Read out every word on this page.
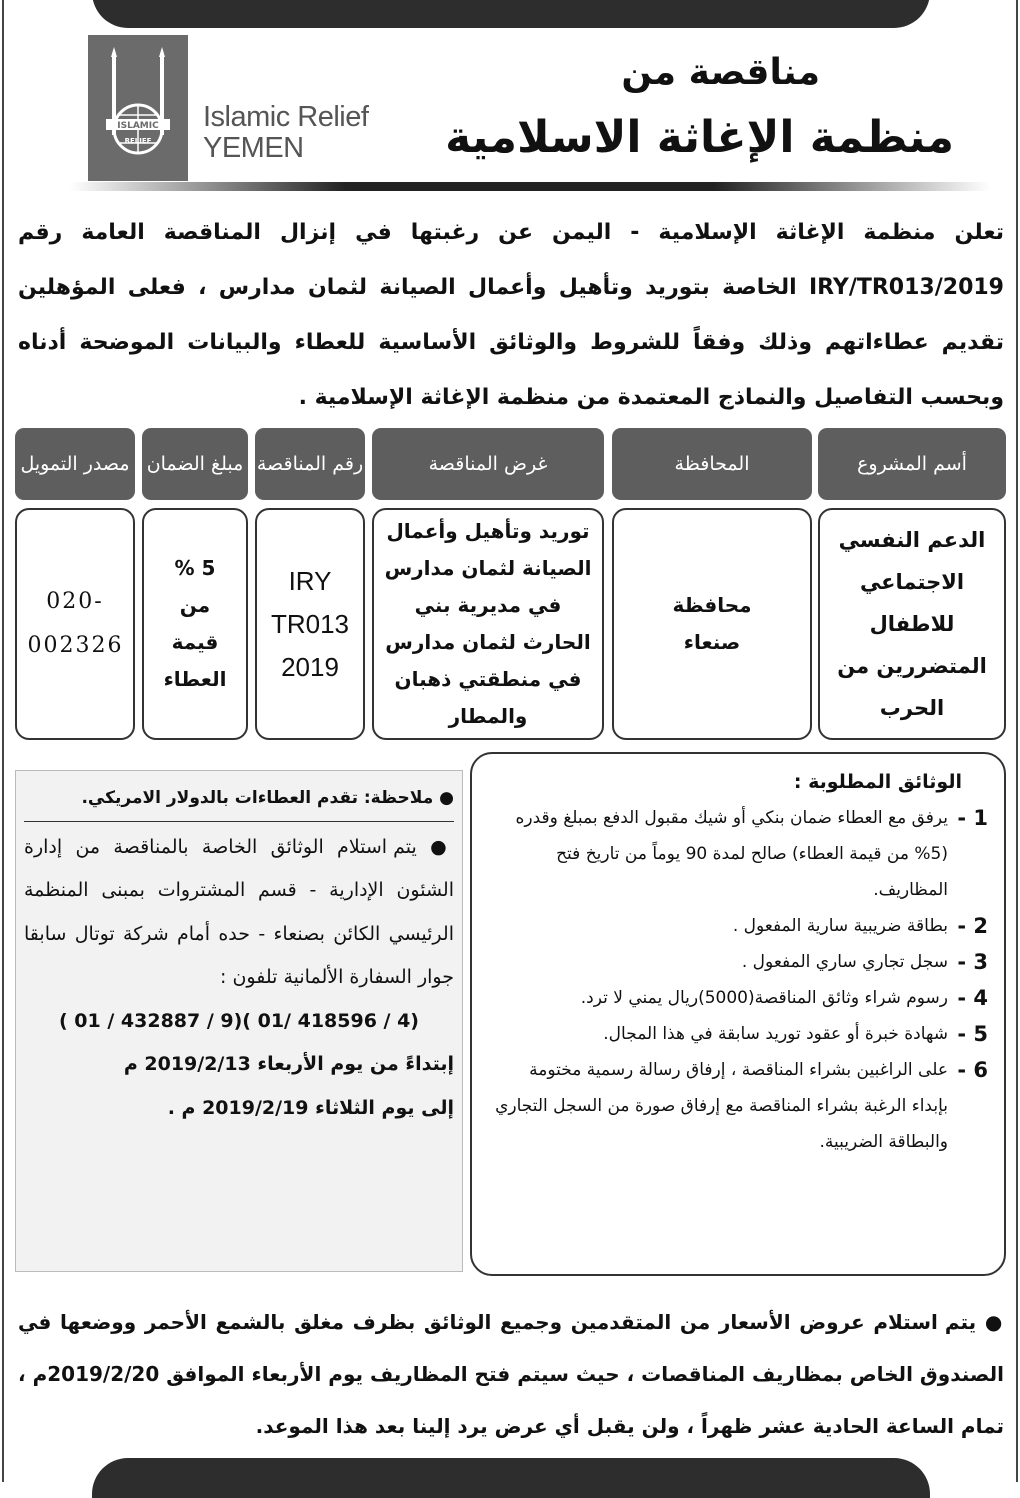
ISLAMIC
RELIEF
Islamic Relief
YEMEN
مناقصة من
منظمة الإغاثة الاسلامية

تعلن منظمة الإغاثة الإسلامية - اليمن عن رغبتها في إنزال المناقصة العامة رقم IRY/TR013/2019 الخاصة بتوريد وتأهيل وأعمال الصيانة لثمان مدارس ، فعلى المؤهلين تقديم عطاءاتهم وذلك وفقاً للشروط والوثائق الأساسية للعطاء والبيانات الموضحة أدناه وبحسب التفاصيل والنماذج المعتمدة من منظمة الإغاثة الإسلامية .

أسم المشروع
المحافظة
غرض المناقصة
رقم المناقصة
مبلغ الضمان
مصدر التمويل
الدعم النفسي الاجتماعي للاطفال المتضررين من الحرب
محافظة صنعاء
توريد وتأهيل وأعمال الصيانة لثمان مدارس في مديرية بني الحارث لثمان مدارس في منطقتي ذهبان والمطار
IRY TR013 2019
5 % من قيمة العطاء
020- 002326
● ملاحظة: تقدم العطاءات بالدولار الامريكي.
● يتم استلام الوثائق الخاصة بالمناقصة من إدارة الشئون الإدارية - قسم المشتروات بمبنى المنظمة الرئيسي الكائن بصنعاء - حده أمام شركة توتال سابقا جوار السفارة الألمانية تلفون :
( 01 / 432887 / 9)( 01/ 418596 / 4)
إبتداءً من يوم الأربعاء 2019/2/13 م
إلى يوم الثلاثاء 2019/2/19 م .
الوثائق المطلوبة :
1 -
يرفق مع العطاء ضمان بنكي أو شيك مقبول الدفع بمبلغ وقدره (5% من قيمة العطاء) صالح لمدة 90 يوماً من تاريخ فتح المظاريف.
2 -
بطاقة ضريبية سارية المفعول .
3 -
سجل تجاري ساري المفعول .
4 -
رسوم شراء وثائق المناقصة(5000)ريال يمني لا ترد.
5 -
شهادة خبرة أو عقود توريد سابقة في هذا المجال.
6 -
على الراغبين بشراء المناقصة ، إرفاق رسالة رسمية مختومة بإبداء الرغبة بشراء المناقصة مع إرفاق صورة من السجل التجاري والبطاقة الضريبية.

● يتم استلام عروض الأسعار من المتقدمين وجميع الوثائق بظرف مغلق بالشمع الأحمر ووضعها في الصندوق الخاص بمظاريف المناقصات ، حيث سيتم فتح المظاريف يوم الأربعاء الموافق 2019/2/20م ، تمام الساعة الحادية عشر ظهراً ، ولن يقبل أي عرض يرد إلينا بعد هذا الموعد.
